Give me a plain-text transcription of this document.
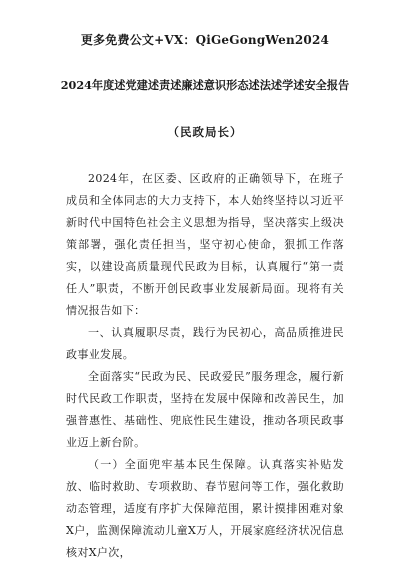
更多免费公文+VX：QiGeGongWen2024
2024年度述党建述责述廉述意识形态述法述学述安全报告
（民政局长）

2024年，在区委、区政府的正确领导下，在班子成员和全体同志的大力支持下，本人始终坚持以习近平新时代中国特色社会主义思想为指导，坚决落实上级决策部署，强化责任担当，坚守初心使命，狠抓工作落实，以建设高质量现代民政为目标，认真履行“第一责任人”职责，不断开创民政事业发展新局面。现将有关情况报告如下：

一、认真履职尽责，践行为民初心，高品质推进民政事业发展。

全面落实“民政为民、民政爱民”服务理念，履行新时代民政工作职责，坚持在发展中保障和改善民生，加强普惠性、基础性、兜底性民生建设，推动各项民政事业迈上新台阶。

（一）全面兜牢基本民生保障。认真落实补贴发放、临时救助、专项救助、春节慰问等工作，强化救助动态管理，适度有序扩大保障范围，累计摸排困难对象X户，监测保障流动儿童X万人，开展家庭经济状况信息核对X户次，
